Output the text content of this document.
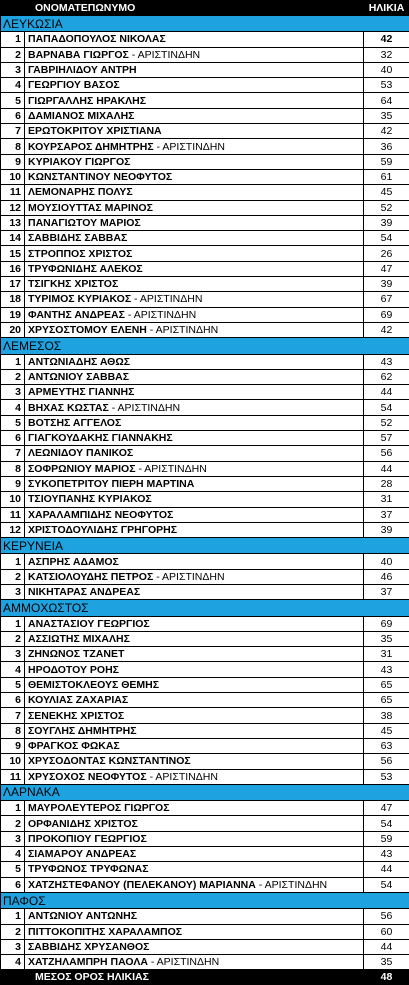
ΟΝΟΜΑΤΕΠΩΝΥΜΟ		ΗΛΙΚΙΑ
ΛΕΥΚΩΣΙΑ		
1	ΠΑΠΑΔΟΠΟΥΛΟΣ ΝΙΚΟΛΑΣ	42
2	ΒΑΡΝΑΒΑ ΓΙΩΡΓΟΣ - ΑΡΙΣΤΙΝΔΗΝ	32
3	ΓΑΒΡΙΗΛΙΔΟΥ ΑΝΤΡΗ	40
4	ΓΕΩΡΓΙΟΥ ΒΑΣΟΣ	53
5	ΓΙΩΡΓΑΛΛΗΣ ΗΡΑΚΛΗΣ	64
6	ΔΑΜΙΑΝΟΣ ΜΙΧΑΛΗΣ	35
7	ΕΡΩΤΟΚΡΙΤΟΥ ΧΡΙΣΤΙΑΝΑ	42
8	ΚΟΥΡΣΑΡΟΣ ΔΗΜΗΤΡΗΣ - ΑΡΙΣΤΙΝΔΗΝ	36
9	ΚΥΡΙΑΚΟΥ ΓΙΩΡΓΟΣ	59
10	ΚΩΝΣΤΑΝΤΙΝΟΥ ΝΕΟΦΥΤΟΣ	61
11	ΛΕΜΟΝΑΡΗΣ ΠΟΛΥΣ	45
12	ΜΟΥΣΙΟΥΤΤΑΣ ΜΑΡΙΝΟΣ	52
13	ΠΑΝΑΓΙΩΤΟΥ ΜΑΡΙΟΣ	39
14	ΣΑΒΒΙΔΗΣ ΣΑΒΒΑΣ	54
15	ΣΤΡΟΠΠΟΣ ΧΡΙΣΤΟΣ	26
16	ΤΡΥΦΩΝΙΔΗΣ ΑΛΕΚΟΣ	47
17	ΤΣΙΓΚΗΣ ΧΡΙΣΤΟΣ	39
18	ΤΥΡΙΜΟΣ ΚΥΡΙΑΚΟΣ - ΑΡΙΣΤΙΝΔΗΝ	67
19	ΦΑΝΤΗΣ ΑΝΔΡΕΑΣ - ΑΡΙΣΤΙΝΔΗΝ	69
20	ΧΡΥΣΟΣΤΟΜΟΥ ΕΛΕΝΗ - ΑΡΙΣΤΙΝΔΗΝ	42
ΛΕΜΕΣΟΣ		
1	ΑΝΤΩΝΙΑΔΗΣ ΑΘΩΣ	43
2	ΑΝΤΩΝΙΟΥ ΣΑΒΒΑΣ	62
3	ΑΡΜΕΥΤΗΣ ΓΙΑΝΝΗΣ	44
4	ΒΗΧΑΣ ΚΩΣΤΑΣ - ΑΡΙΣΤΙΝΔΗΝ	54
5	ΒΟΤΣΗΣ ΑΓΓΕΛΟΣ	52
6	ΓΙΑΓΚΟΥΔΑΚΗΣ ΓΙΑΝΝΑΚΗΣ	57
7	ΛΕΩΝΙΔΟΥ ΠΑΝΙΚΟΣ	56
8	ΣΟΦΡΩΝΙΟΥ ΜΑΡΙΟΣ - ΑΡΙΣΤΙΝΔΗΝ	44
9	ΣΥΚΟΠΕΤΡΙΤΟΥ ΠΙΕΡΗ ΜΑΡΤΙΝΑ	28
10	ΤΣΙΟΥΠΑΝΗΣ ΚΥΡΙΑΚΟΣ	31
11	ΧΑΡΑΛΑΜΠΙΔΗΣ ΝΕΟΦΥΤΟΣ	37
12	ΧΡΙΣΤΟΔΟΥΛΙΔΗΣ ΓΡΗΓΟΡΗΣ	39
ΚΕΡΥΝΕΙΑ		
1	ΑΣΠΡΗΣ ΑΔΑΜΟΣ	40
2	ΚΑΤΣΙΟΛΟΥΔΗΣ ΠΕΤΡΟΣ - ΑΡΙΣΤΙΝΔΗΝ	46
3	ΝΙΚΗΤΑΡΑΣ ΑΝΔΡΕΑΣ	37
ΑΜΜΟΧΩΣΤΟΣ		
1	ΑΝΑΣΤΑΣΙΟΥ ΓΕΩΡΓΙΟΣ	69
2	ΑΣΣΙΩΤΗΣ ΜΙΧΑΛΗΣ	35
3	ΖΗΝΩΝΟΣ ΤΖΑΝΕΤ	31
4	ΗΡΟΔΟΤΟΥ ΡΟΗΣ	43
5	ΘΕΜΙΣΤΟΚΛΕΟΥΣ ΘΕΜΗΣ	65
6	ΚΟΥΛΙΑΣ ΖΑΧΑΡΙΑΣ	65
7	ΣΕΝΕΚΗΣ ΧΡΙΣΤΟΣ	38
8	ΣΟΥΓΛΗΣ ΔΗΜΗΤΡΗΣ	45
9	ΦΡΑΓΚΟΣ ΦΩΚΑΣ	63
10	ΧΡΥΣΟΔΟΝΤΑΣ ΚΩΝΣΤΑΝΤΙΝΟΣ	56
11	ΧΡΥΣΟΧΟΣ ΝΕΟΦΥΤΟΣ - ΑΡΙΣΤΙΝΔΗΝ	53
ΛΑΡΝΑΚΑ		
1	ΜΑΥΡΟΛΕΥΤΕΡΟΣ ΓΙΩΡΓΟΣ	47
2	ΟΡΦΑΝΙΔΗΣ ΧΡΙΣΤΟΣ	54
3	ΠΡΟΚΟΠΙΟΥ ΓΕΩΡΓΙΟΣ	59
4	ΣΙΑΜΑΡΟΥ ΑΝΔΡΕΑΣ	43
5	ΤΡΥΦΩΝΟΣ ΤΡΥΦΩΝΑΣ	44
6	ΧΑΤΖΗΣΤΕΦΑΝΟΥ (ΠΕΛΕΚΑΝΟΥ) ΜΑΡΙΑΝΝΑ - ΑΡΙΣΤΙΝΔΗΝ	54
ΠΑΦΟΣ		
1	ΑΝΤΩΝΙΟΥ ΑΝΤΩΝΗΣ	56
2	ΠΙΤΤΟΚΟΠΙΤΗΣ ΧΑΡΑΛΑΜΠΟΣ	60
3	ΣΑΒΒΙΔΗΣ ΧΡΥΣΑΝΘΟΣ	44
4	ΧΑΤΖΗΛΑΜΠΡΗ ΠΑΟΛΑ - ΑΡΙΣΤΙΝΔΗΝ	35
ΜΕΣΟΣ ΟΡΟΣ ΗΛΙΚΙΑΣ		48
